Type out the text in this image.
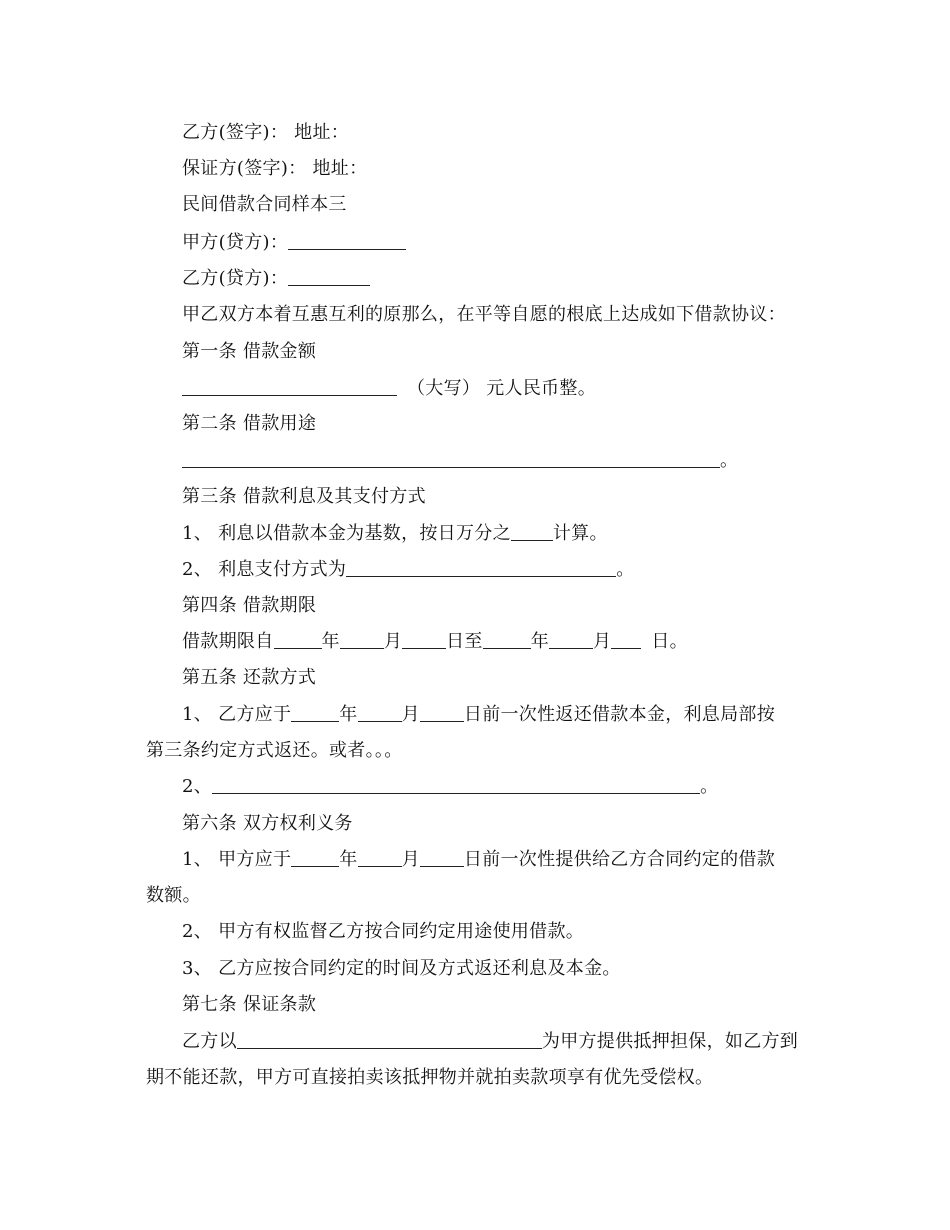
乙方(签字)： 地址：
保证方(签字)： 地址：
民间借款合同样本三
甲方(贷方)：
乙方(贷方)：
甲乙双方本着互惠互利的原那么，在平等自愿的根底上达成如下借款协议：
第一条 借款金额
（大写） 元人民币整。
第二条 借款用途
。
第三条 借款利息及其支付方式
1、 利息以借款本金为基数，按日万分之 计算。
2、 利息支付方式为	。
第四条 借款期限
借款期限自	年 月 日至	年 月 日。
第五条 还款方式
1、 乙方应于	年 月 日前一次性返还借款本金，利息局部按
第三条约定方式返还。或者。。。
2、	。
第六条 双方权利义务
1、 甲方应于	年 月 日前一次性提供给乙方合同约定的借款
数额。
2、 甲方有权监督乙方按合同约定用途使用借款。
3、 乙方应按合同约定的时间及方式返还利息及本金。
第七条 保证条款
乙方以	为甲方提供抵押担保，如乙方到
期不能还款，甲方可直接拍卖该抵押物并就拍卖款项享有优先受偿权。
